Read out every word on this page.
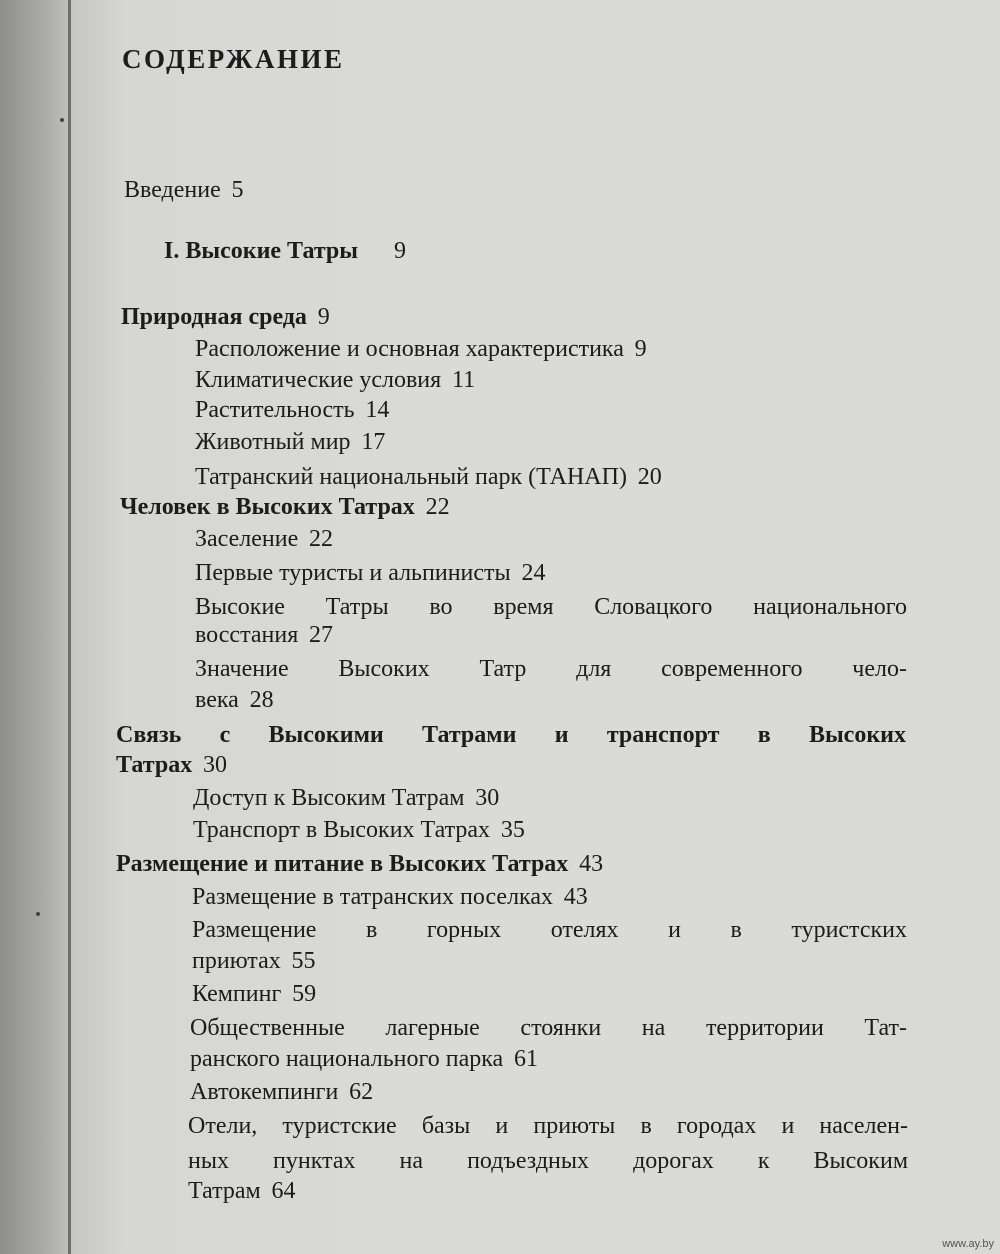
СОДЕРЖАНИЕ
Введение 5
I. Высокие Татры 9
Природная среда 9
Расположение и основная характеристика 9
Климатические условия 11
Растительность 14
Животный мир 17
Татранский национальный парк (ТАНАП) 20
Человек в Высоких Татрах 22
Заселение 22
Первые туристы и альпинисты 24
Высокие Татры во время Словацкого национального
восстания 27
Значение Высоких Татр для современного чело-
века 28
Связь с Высокими Татрами и транспорт в Высоких
Татрах 30
Доступ к Высоким Татрам 30
Транспорт в Высоких Татрах 35
Размещение и питание в Высоких Татрах 43
Размещение в татранских поселках 43
Размещение в горных отелях и в туристских
приютах 55
Кемпинг 59
Общественные лагерные стоянки на территории Тат-
ранского национального парка 61
Автокемпинги 62
Отели, туристские базы и приюты в городах и населен-
ных пунктах на подъездных дорогах к Высоким
Татрам 64
www.ay.by
